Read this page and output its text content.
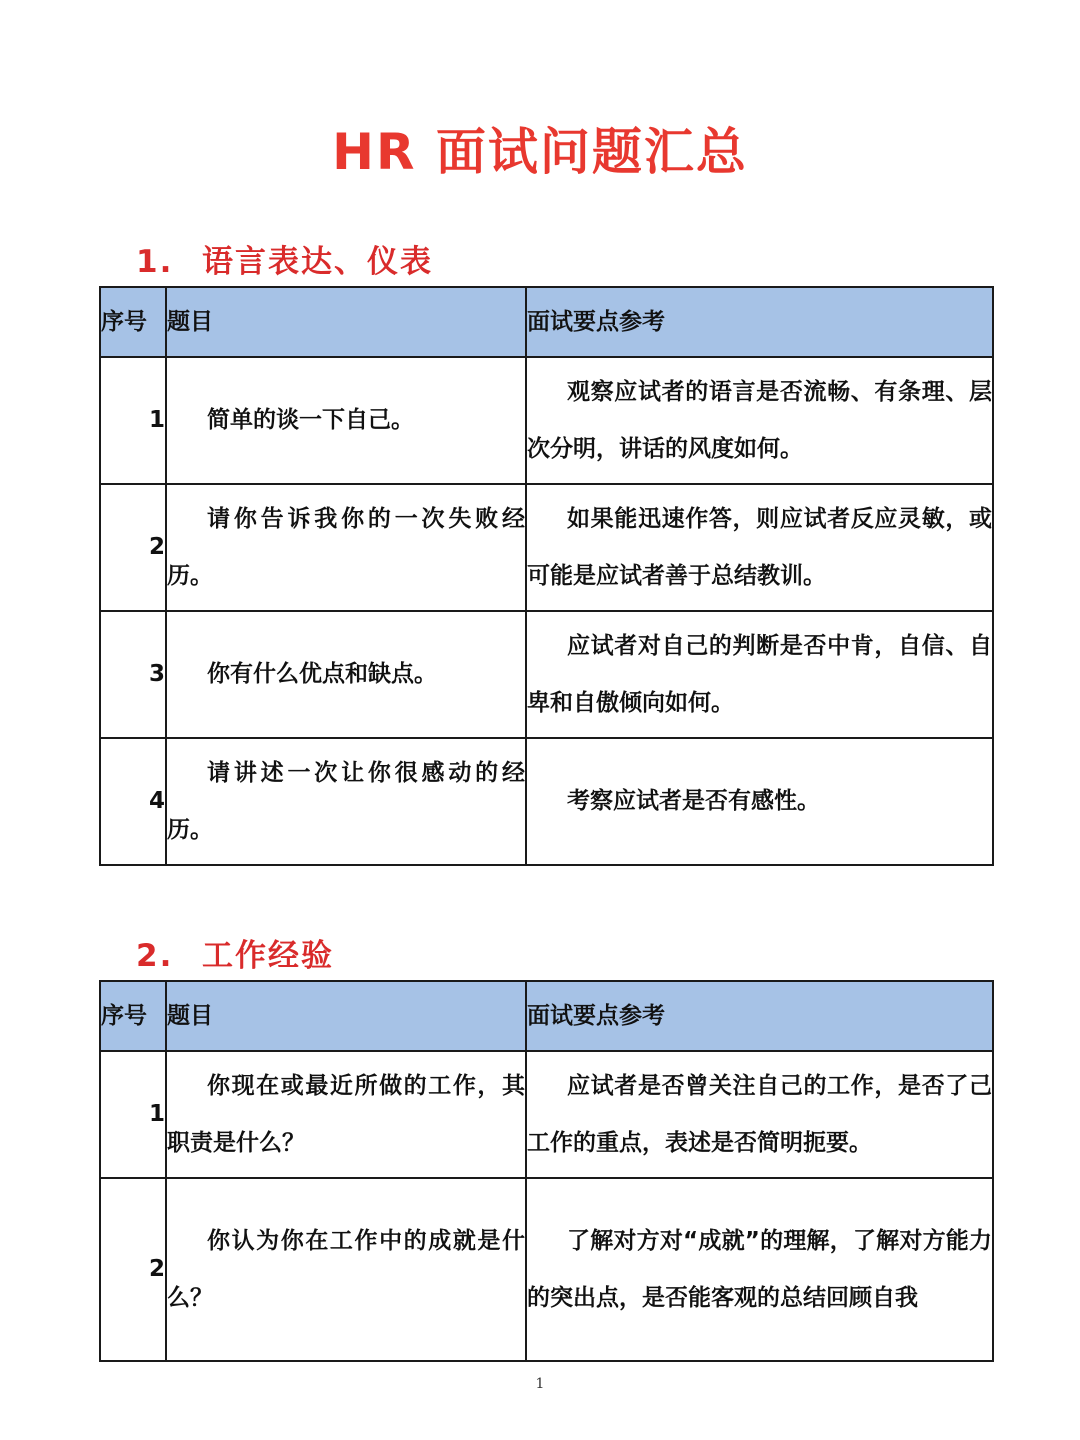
HR 面试问题汇总
1. 语言表达、仪表
序号	题目	面试要点参考
1	简单的谈一下自己。	观察应试者的语言是否流畅、有条理、层次分明，讲话的风度如何。
2	请你告诉我你的一次失败经历。	如果能迅速作答，则应试者反应灵敏，或可能是应试者善于总结教训。
3	你有什么优点和缺点。	应试者对自己的判断是否中肯，自信、自卑和自傲倾向如何。
4	请讲述一次让你很感动的经历。	考察应试者是否有感性。
2. 工作经验
序号	题目	面试要点参考
1	你现在或最近所做的工作，其职责是什么？	应试者是否曾关注自己的工作，是否了己工作的重点，表述是否简明扼要。
2	你认为你在工作中的成就是什么？	了解对方对“成就”的理解，了解对方能力的突出点，是否能客观的总结回顾自我
1
